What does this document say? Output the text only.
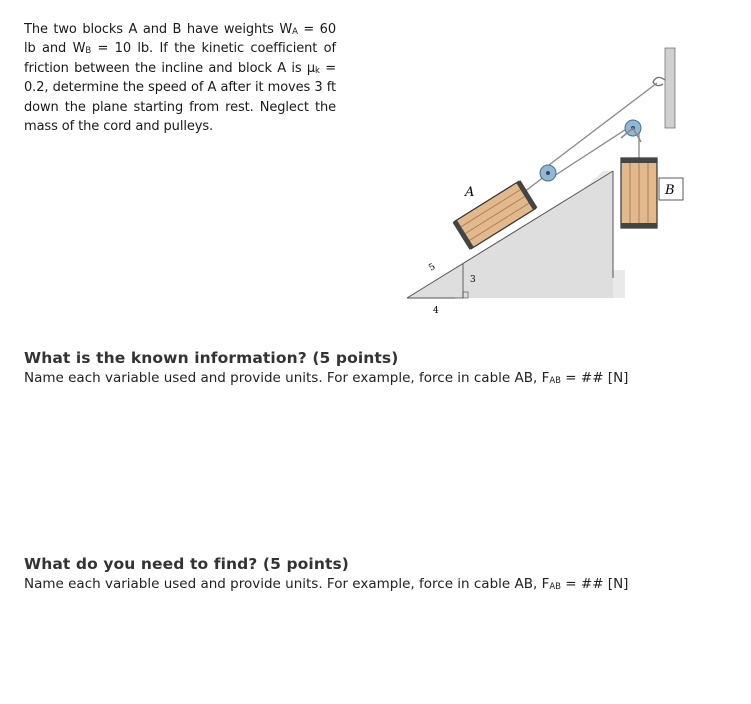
The two blocks A and B have weights $W_A = 60$ lb and $W_B = 10$ lb. If the kinetic coefficient of friction between the incline and block A is $\mu_k = 0.2$, determine the speed of A after it moves 3 ft down the plane starting from rest. Neglect the mass of the cord and pulleys.
5
3
4
A	B
What is the known information? (5 points)
Name each variable used and provide units. For example, force in cable AB, $F_{AB}$ = ## [N]
What do you need to find? (5 points)
Name each variable used and provide units. For example, force in cable AB, $F_{AB}$ = ## [N]
